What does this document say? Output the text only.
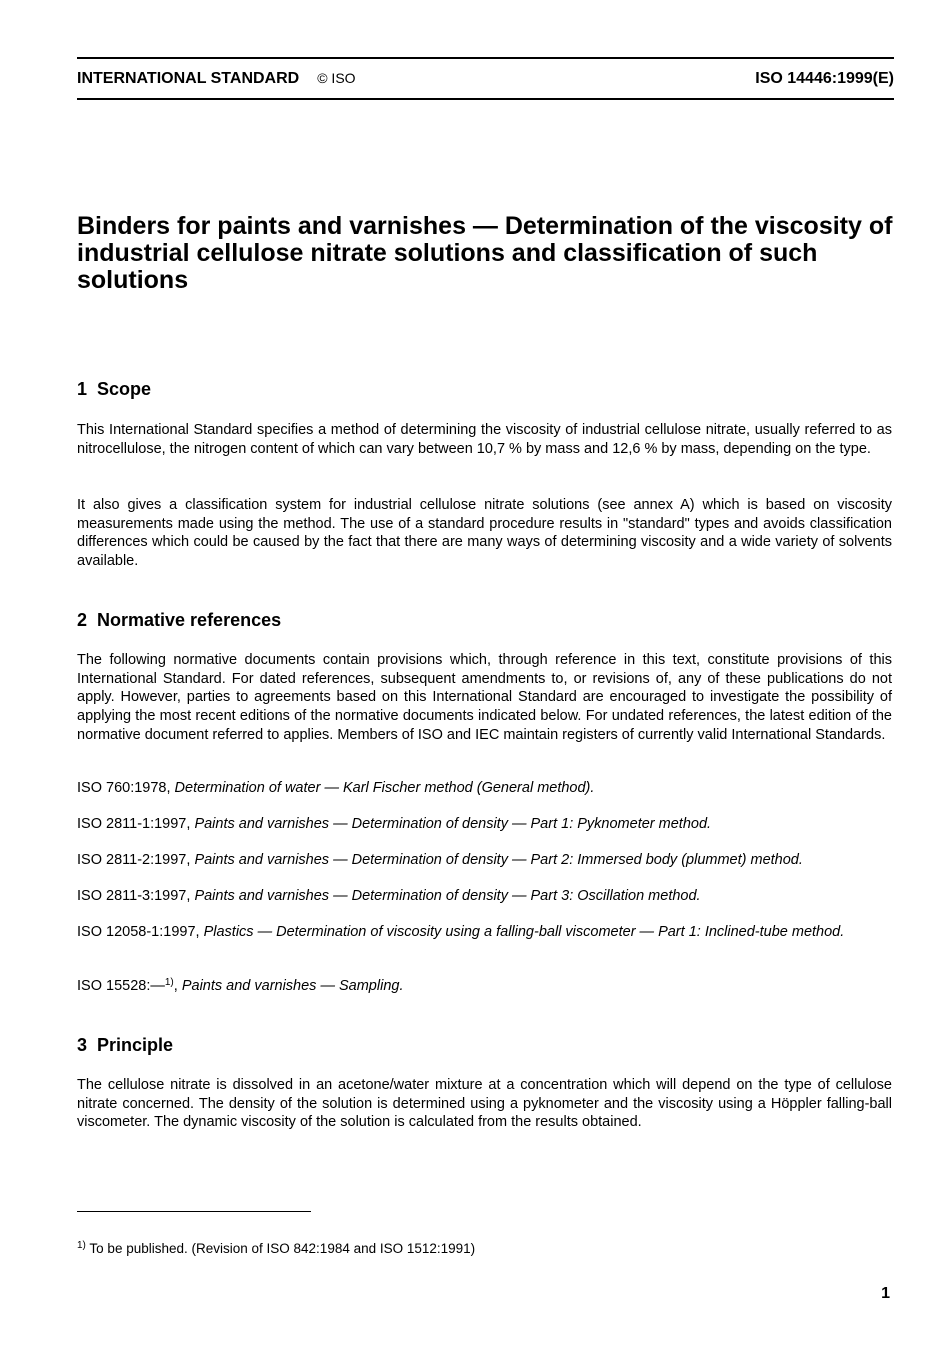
INTERNATIONAL STANDARD © ISO	ISO 14446:1999(E)
Binders for paints and varnishes — Determination of the viscosity of industrial cellulose nitrate solutions and classification of such solutions
1 Scope

This International Standard specifies a method of determining the viscosity of industrial cellulose nitrate, usually referred to as nitrocellulose, the nitrogen content of which can vary between 10,7 % by mass and 12,6 % by mass, depending on the type.

It also gives a classification system for industrial cellulose nitrate solutions (see annex A) which is based on viscosity measurements made using the method. The use of a standard procedure results in "standard" types and avoids classification differences which could be caused by the fact that there are many ways of determining viscosity and a wide variety of solvents available.

2 Normative references

The following normative documents contain provisions which, through reference in this text, constitute provisions of this International Standard. For dated references, subsequent amendments to, or revisions of, any of these publications do not apply. However, parties to agreements based on this International Standard are encouraged to investigate the possibility of applying the most recent editions of the normative documents indicated below. For undated references, the latest edition of the normative document referred to applies. Members of ISO and IEC maintain registers of currently valid International Standards.

ISO 760:1978, Determination of water — Karl Fischer method (General method).

ISO 2811-1:1997, Paints and varnishes — Determination of density — Part 1: Pyknometer method.

ISO 2811-2:1997, Paints and varnishes — Determination of density — Part 2: Immersed body (plummet) method.

ISO 2811-3:1997, Paints and varnishes — Determination of density — Part 3: Oscillation method.

ISO 12058-1:1997, Plastics — Determination of viscosity using a falling-ball viscometer — Part 1: Inclined-tube method.

ISO 15528:—$^{1)}$, Paints and varnishes — Sampling.

3 Principle

The cellulose nitrate is dissolved in an acetone/water mixture at a concentration which will depend on the type of cellulose nitrate concerned. The density of the solution is determined using a pyknometer and the viscosity using a Höppler falling-ball viscometer. The dynamic viscosity of the solution is calculated from the results obtained.

$^{1)}$ To be published. (Revision of ISO 842:1984 and ISO 1512:1991)
1
